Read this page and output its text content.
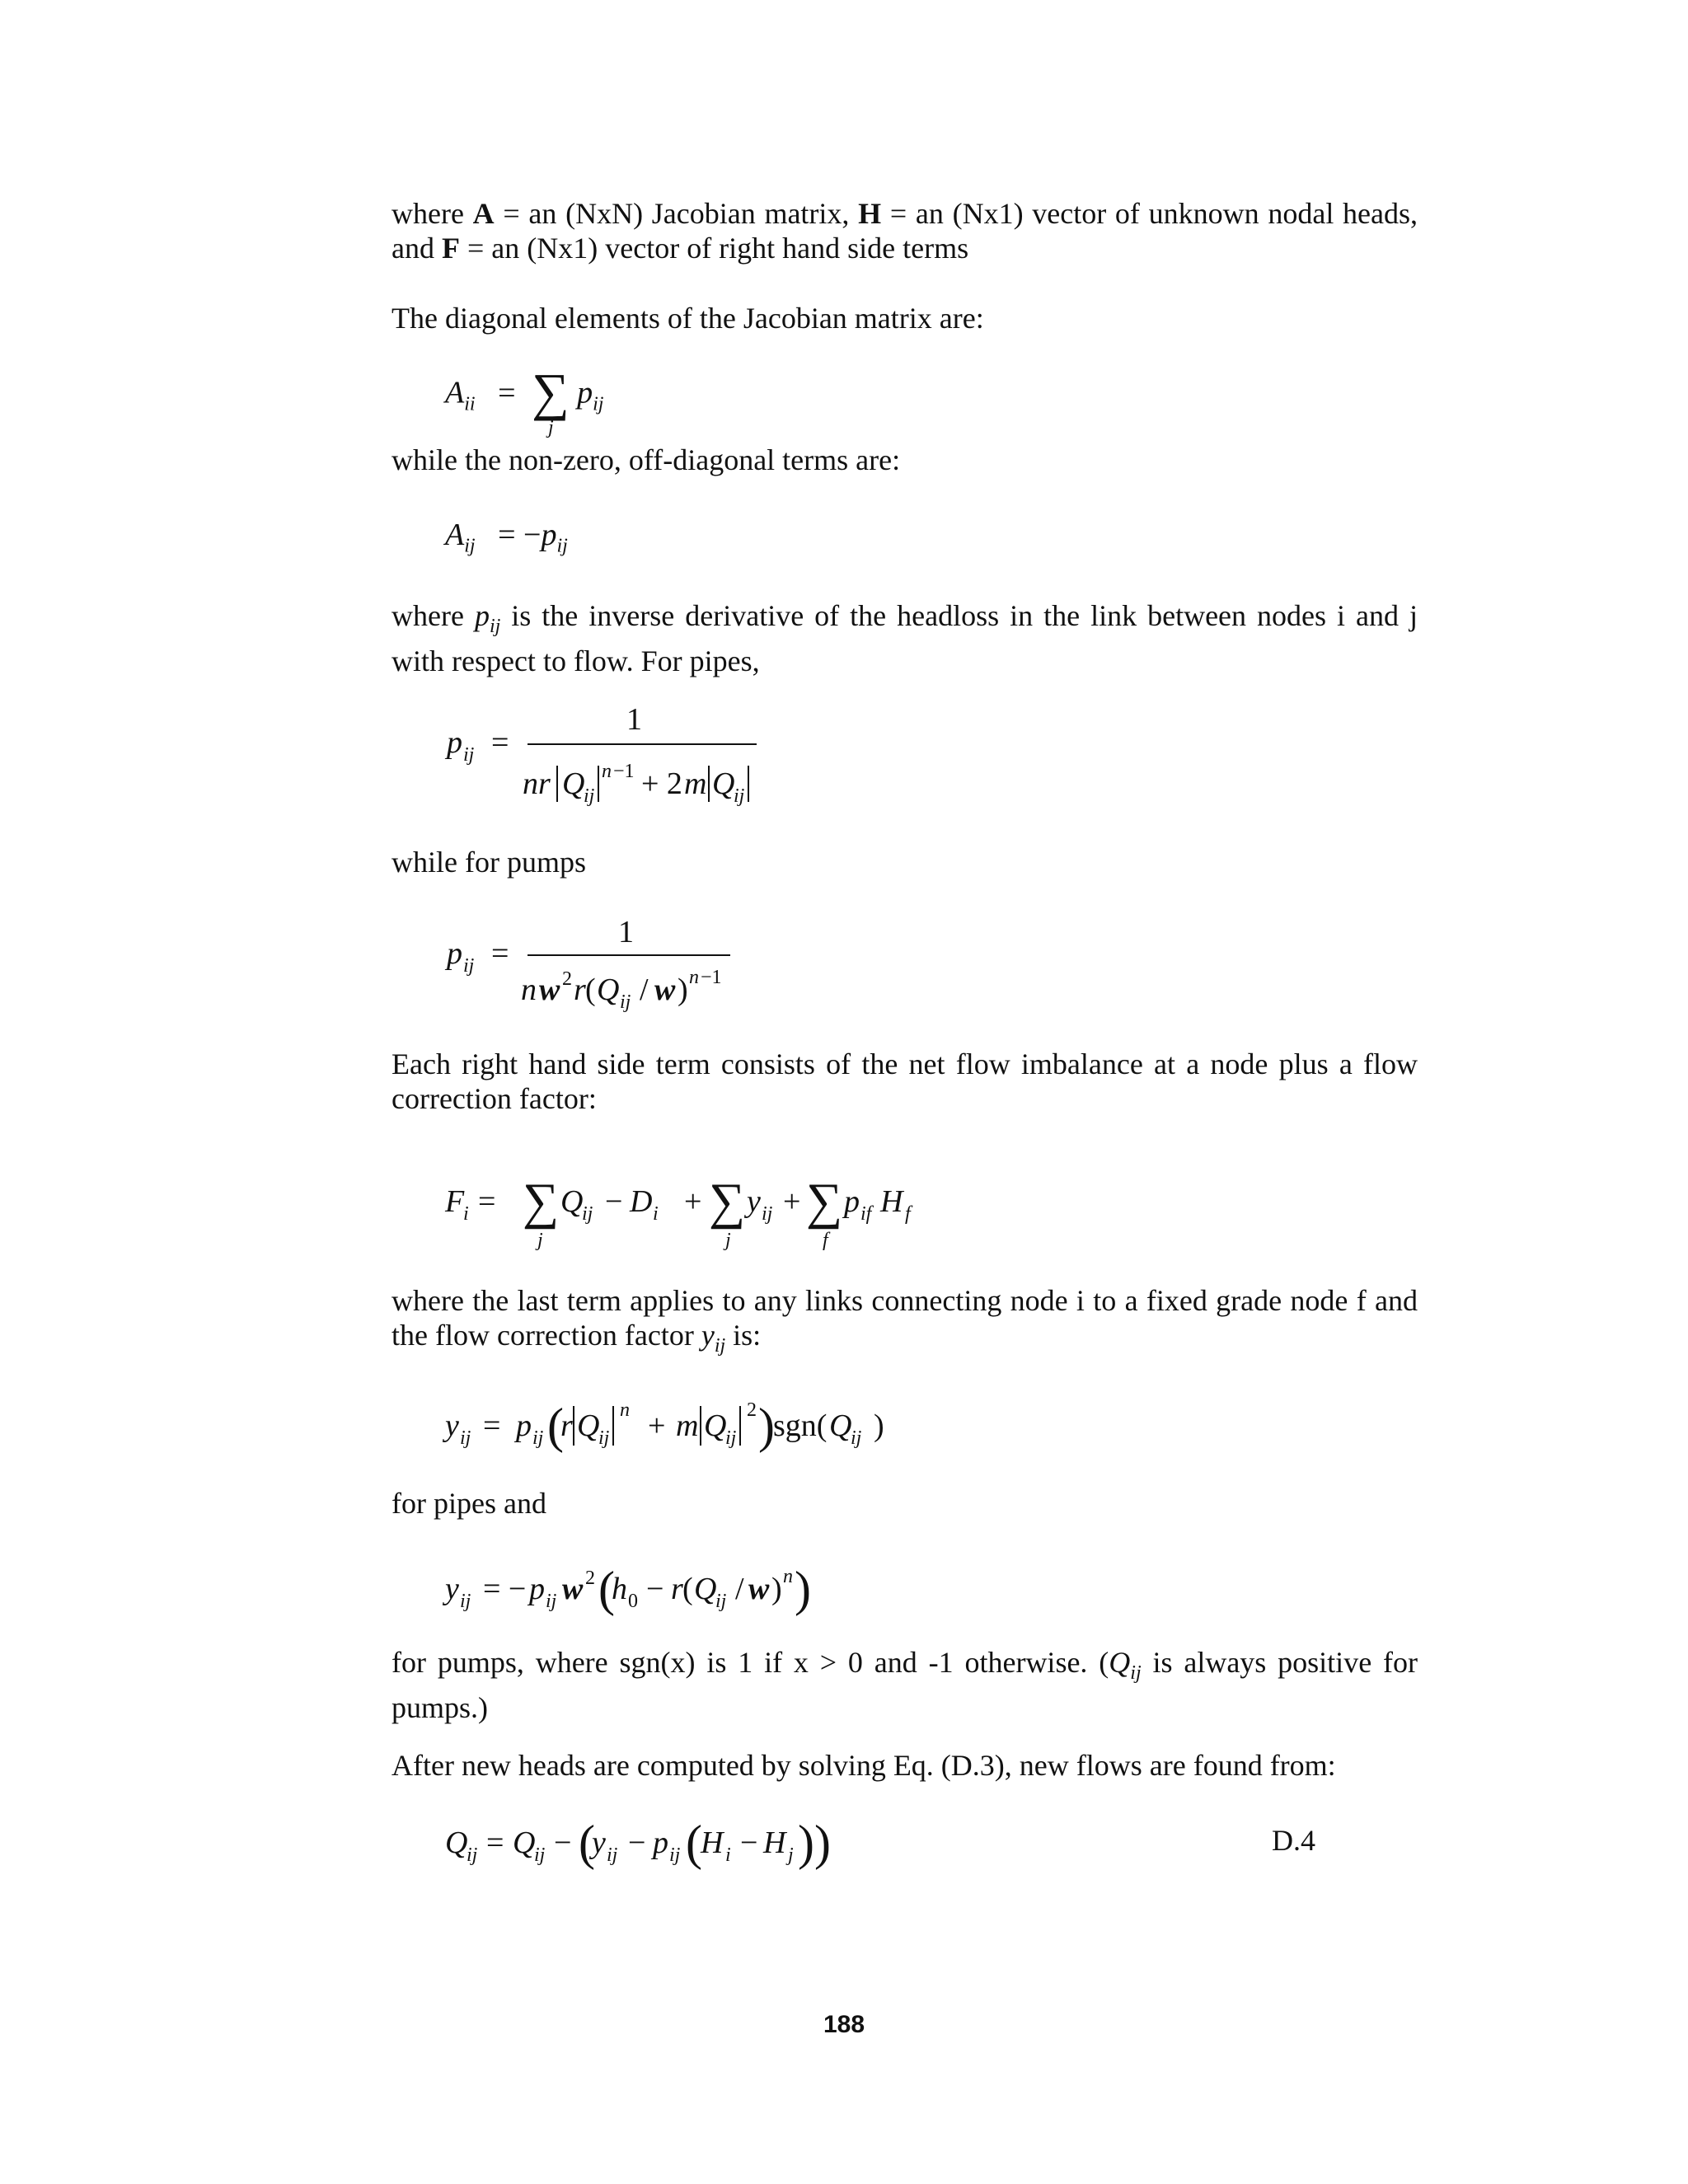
where A = an (NxN) Jacobian matrix, H = an (Nx1) vector of unknown nodal heads,
and F = an (Nx1) vector of right hand side terms
The diagonal elements of the Jacobian matrix are:
$A_{ii}$ = ∑
j
$p_{ij}$
while the non-zero, off-diagonal terms are:
$A_{ij} = -p_{ij}$
where $p_{ij}$ is the inverse derivative of the headloss in the link between nodes i and j
with respect to flow. For pipes,
p ij =
1
nr Q
ij
n −1 + 2 m Q
ij
while for pumps
p ij =
1
n w 2 r ( Q ij / w ) n −1
Each right hand side term consists of the net flow imbalance at a node plus a flow
correction factor:
F
i = ∑
j
Q
ij − D i + ∑
j
y ij + ∑
f
p if H f
where the last term applies to any links connecting node i to a fixed grade node f and
the flow correction factor $y_{ij}$ is:
y ij = p ij (
r Q
ij
n + m Q
ij
2 )
sgn( Q
ij )
for pipes and
y ij = − p ij w 2 (
h 0 − r ( Q
ij / w ) n )
for pumps, where sgn(x) is 1 if x > 0 and -1 otherwise. ($Q_{ij}$ is always positive for
pumps.)
After new heads are computed by solving Eq. (D.3), new flows are found from:
Q
ij = Q
ij − (
y ij − p ij (
H i − H j ))	D.4
188
